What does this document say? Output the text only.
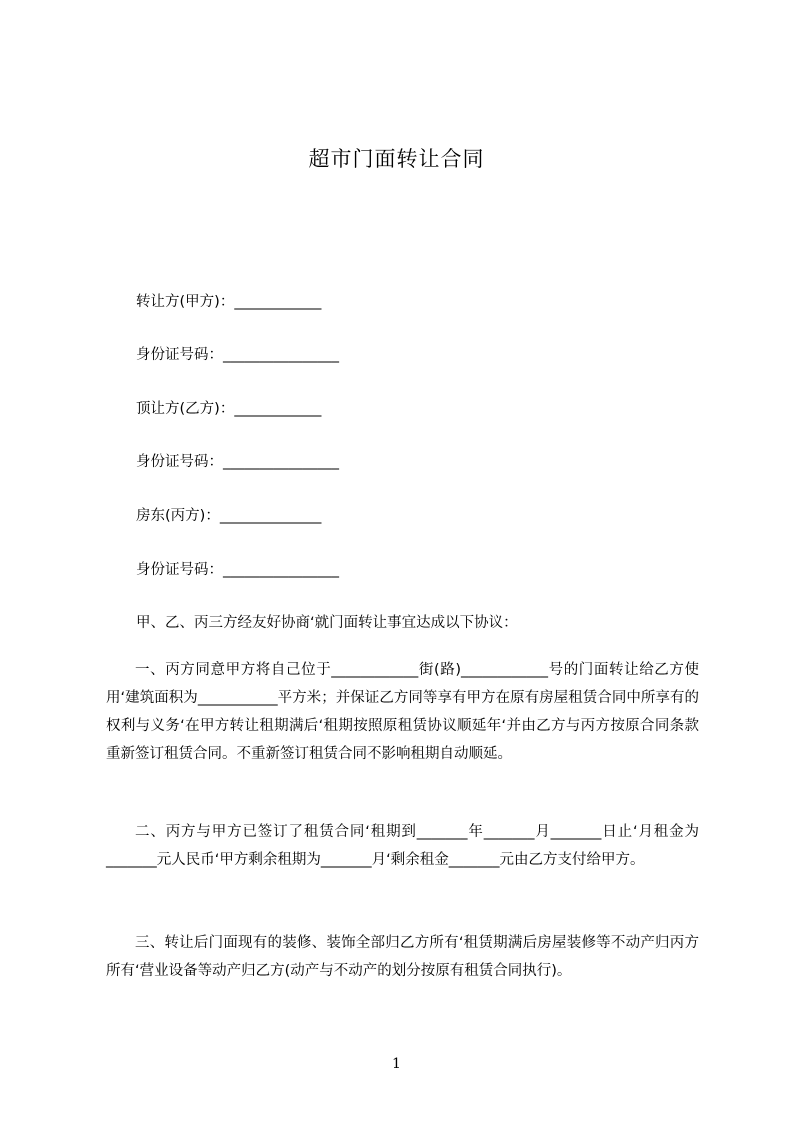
超市门面转让合同
转让方(甲方)：____________
身份证号码：________________
顶让方(乙方)：____________
身份证号码：________________
房东(丙方)：______________
身份证号码：________________
甲、乙、丙三方经友好协商‘就门面转让事宜达成以下协议：
一、丙方同意甲方将自己位于____________街(路)____________号的门面转让给乙方使用‘建筑面积为___________平方米；并保证乙方同等享有甲方在原有房屋租赁合同中所享有的权利与义务‘在甲方转让租期满后‘租期按照原租赁协议顺延年‘并由乙方与丙方按原合同条款重新签订租赁合同。不重新签订租赁合同不影响租期自动顺延。
二、丙方与甲方已签订了租赁合同‘租期到_______年_______月_______日止‘月租金为_______元人民币‘甲方剩余租期为_______月‘剩余租金_______元由乙方支付给甲方。
三、转让后门面现有的装修、装饰全部归乙方所有‘租赁期满后房屋装修等不动产归丙方所有‘营业设备等动产归乙方(动产与不动产的划分按原有租赁合同执行)。
1
